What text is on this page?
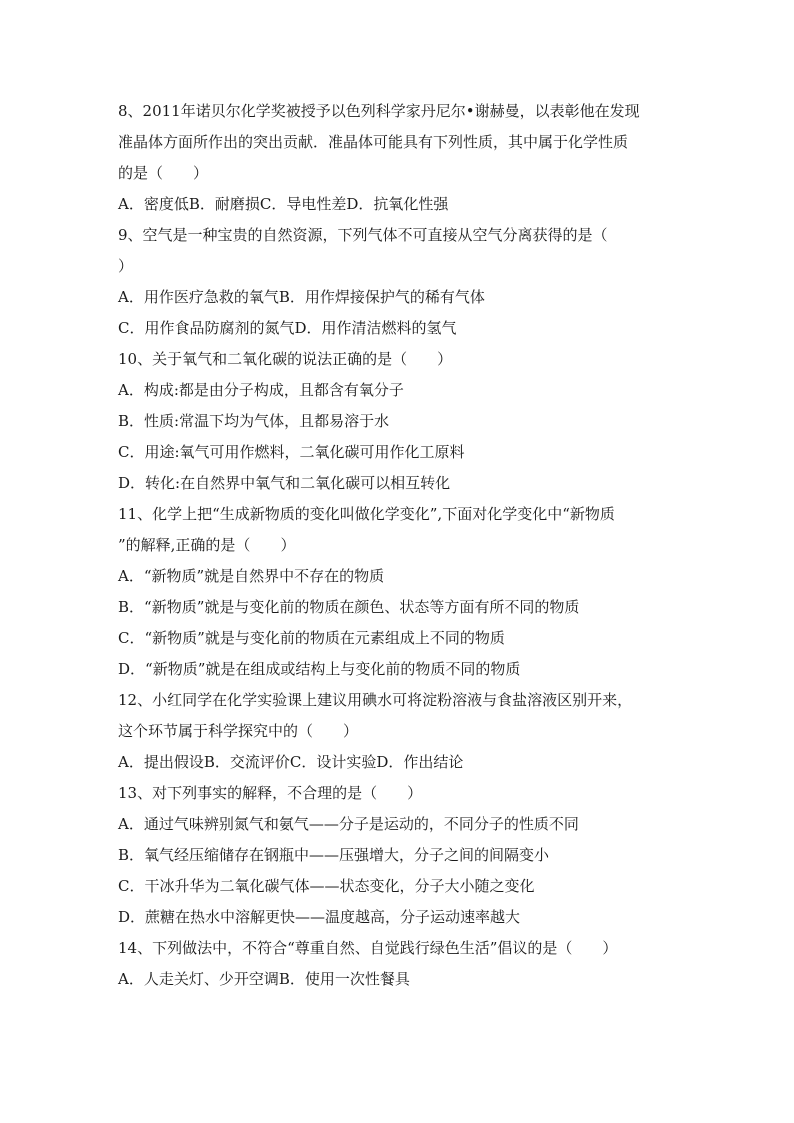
8、2011年诺贝尔化学奖被授予以色列科学家丹尼尔•谢赫曼，以表彰他在发现
准晶体方面所作出的突出贡献．准晶体可能具有下列性质，其中属于化学性质
的是（　　）
A．密度低B．耐磨损C．导电性差D．抗氧化性强
9、空气是一种宝贵的自然资源，下列气体不可直接从空气分离获得的是（
）
A．用作医疗急救的氧气B．用作焊接保护气的稀有气体
C．用作食品防腐剂的氮气D．用作清洁燃料的氢气
10、关于氧气和二氧化碳的说法正确的是（　　）
A．构成:都是由分子构成，且都含有氧分子
B．性质:常温下均为气体，且都易溶于水
C．用途:氧气可用作燃料，二氧化碳可用作化工原料
D．转化:在自然界中氧气和二氧化碳可以相互转化
11、化学上把“生成新物质的变化叫做化学变化”,下面对化学变化中“新物质
”的解释,正确的是（　　）
A．“新物质”就是自然界中不存在的物质
B．“新物质”就是与变化前的物质在颜色、状态等方面有所不同的物质
C．“新物质”就是与变化前的物质在元素组成上不同的物质
D．“新物质”就是在组成或结构上与变化前的物质不同的物质
12、小红同学在化学实验课上建议用碘水可将淀粉溶液与食盐溶液区别开来，
这个环节属于科学探究中的（　　）
A．提出假设B．交流评价C．设计实验D．作出结论
13、对下列事实的解释，不合理的是（　　）
A．通过气味辨别氮气和氨气——分子是运动的，不同分子的性质不同
B．氧气经压缩储存在钢瓶中——压强增大，分子之间的间隔变小
C．干冰升华为二氧化碳气体——状态变化，分子大小随之变化
D．蔗糖在热水中溶解更快——温度越高，分子运动速率越大
14、下列做法中，不符合“尊重自然、自觉践行绿色生活”倡议的是（　　）
A．人走关灯、少开空调B．使用一次性餐具
